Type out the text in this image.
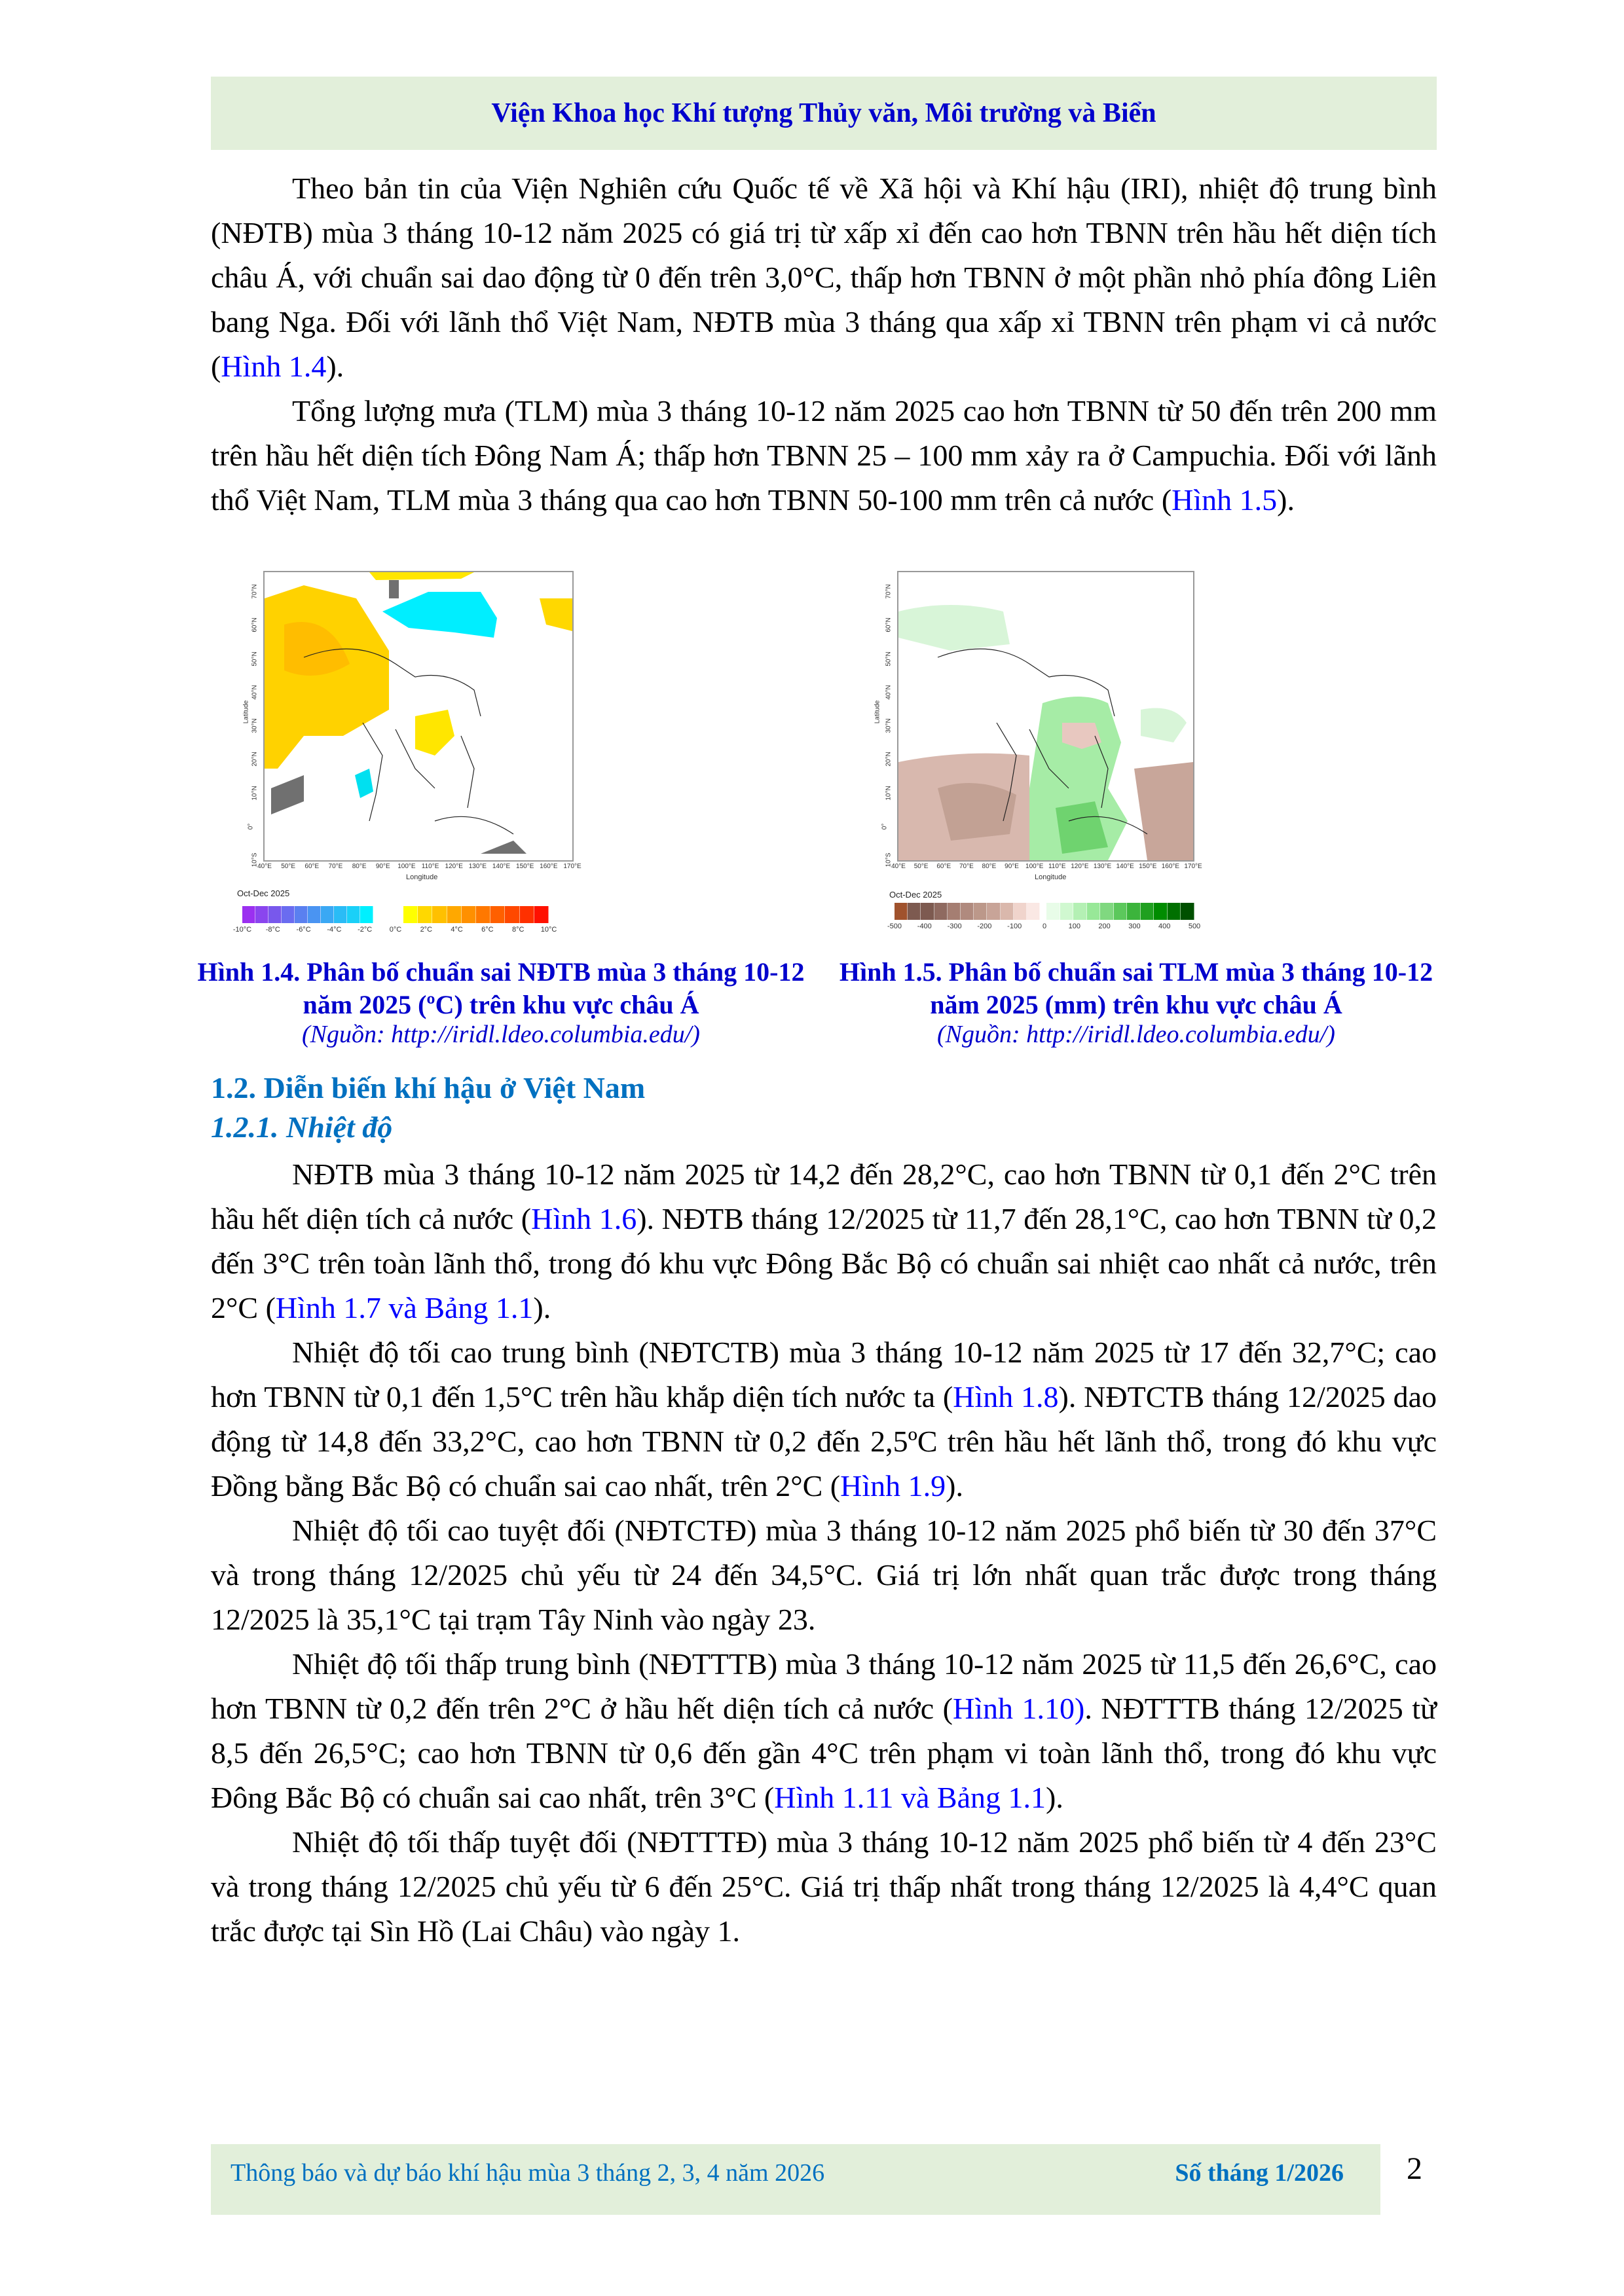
Viện Khoa học Khí tượng Thủy văn, Môi trường và Biển

Theo bản tin của Viện Nghiên cứu Quốc tế về Xã hội và Khí hậu (IRI), nhiệt độ trung bình (NĐTB) mùa 3 tháng 10-12 năm 2025 có giá trị từ xấp xỉ đến cao hơn TBNN trên hầu hết diện tích châu Á, với chuẩn sai dao động từ 0 đến trên 3,0°C, thấp hơn TBNN ở một phần nhỏ phía đông Liên bang Nga. Đối với lãnh thổ Việt Nam, NĐTB mùa 3 tháng qua xấp xỉ TBNN trên phạm vi cả nước (Hình 1.4).

Tổng lượng mưa (TLM) mùa 3 tháng 10-12 năm 2025 cao hơn TBNN từ 50 đến trên 200 mm trên hầu hết diện tích Đông Nam Á; thấp hơn TBNN 25 – 100 mm xảy ra ở Campuchia. Đối với lãnh thổ Việt Nam, TLM mùa 3 tháng qua cao hơn TBNN 50-100 mm trên cả nước (Hình 1.5).

Latitude
Longitude
40°E 50°E 60°E 70°E 80°E 90°E 100°E 110°E 120°E 130°E 140°E 150°E 160°E 170°E
70°N
60°N
50°N
40°N
30°N
20°N
10°N
0°
10°S
Oct-Dec 2025
-10°C -8°C -6°C -4°C -2°C 0°C	2°C	4°C	6°C	8°C 10°C
Latitude
Longitude
40°E 50°E 60°E 70°E 80°E 90°E 100°E 110°E 120°E 130°E 140°E 150°E 160°E 170°E
70°N
60°N
50°N
40°N
30°N
20°N
10°N
0°
10°S
Oct-Dec 2025
-500 -400 -300 -200 -100	0	100 200 300 400 500
Hình 1.4. Phân bố chuẩn sai NĐTB mùa 3 tháng 10-12 năm 2025 (ºC) trên khu vực châu Á
(Nguồn: http://iridl.ldeo.columbia.edu/)
Hình 1.5. Phân bố chuẩn sai TLM mùa 3 tháng 10-12 năm 2025 (mm) trên khu vực châu Á
(Nguồn: http://iridl.ldeo.columbia.edu/)
1.2. Diễn biến khí hậu ở Việt Nam
1.2.1. Nhiệt độ

NĐTB mùa 3 tháng 10-12 năm 2025 từ 14,2 đến 28,2°C, cao hơn TBNN từ 0,1 đến 2°C trên hầu hết diện tích cả nước (Hình 1.6). NĐTB tháng 12/2025 từ 11,7 đến 28,1°C, cao hơn TBNN từ 0,2 đến 3°C trên toàn lãnh thổ, trong đó khu vực Đông Bắc Bộ có chuẩn sai nhiệt cao nhất cả nước, trên 2°C (Hình 1.7 và Bảng 1.1).

Nhiệt độ tối cao trung bình (NĐTCTB) mùa 3 tháng 10-12 năm 2025 từ 17 đến 32,7°C; cao hơn TBNN từ 0,1 đến 1,5°C trên hầu khắp diện tích nước ta (Hình 1.8). NĐTCTB tháng 12/2025 dao động từ 14,8 đến 33,2°C, cao hơn TBNN từ 0,2 đến 2,5ºC trên hầu hết lãnh thổ, trong đó khu vực Đồng bằng Bắc Bộ có chuẩn sai cao nhất, trên 2°C (Hình 1.9).

Nhiệt độ tối cao tuyệt đối (NĐTCTĐ) mùa 3 tháng 10-12 năm 2025 phổ biến từ 30 đến 37°C và trong tháng 12/2025 chủ yếu từ 24 đến 34,5°C. Giá trị lớn nhất quan trắc được trong tháng 12/2025 là 35,1°C tại trạm Tây Ninh vào ngày 23.

Nhiệt độ tối thấp trung bình (NĐTTTB) mùa 3 tháng 10-12 năm 2025 từ 11,5 đến 26,6°C, cao hơn TBNN từ 0,2 đến trên 2°C ở hầu hết diện tích cả nước (Hình 1.10). NĐTTTB tháng 12/2025 từ 8,5 đến 26,5°C; cao hơn TBNN từ 0,6 đến gần 4°C trên phạm vi toàn lãnh thổ, trong đó khu vực Đông Bắc Bộ có chuẩn sai cao nhất, trên 3°C (Hình 1.11 và Bảng 1.1).

Nhiệt độ tối thấp tuyệt đối (NĐTTTĐ) mùa 3 tháng 10-12 năm 2025 phổ biến từ 4 đến 23°C và trong tháng 12/2025 chủ yếu từ 6 đến 25°C. Giá trị thấp nhất trong tháng 12/2025 là 4,4°C quan trắc được tại Sìn Hồ (Lai Châu) vào ngày 1.

Thông báo và dự báo khí hậu mùa 3 tháng 2, 3, 4 năm 2026	Số tháng 1/2026 2
